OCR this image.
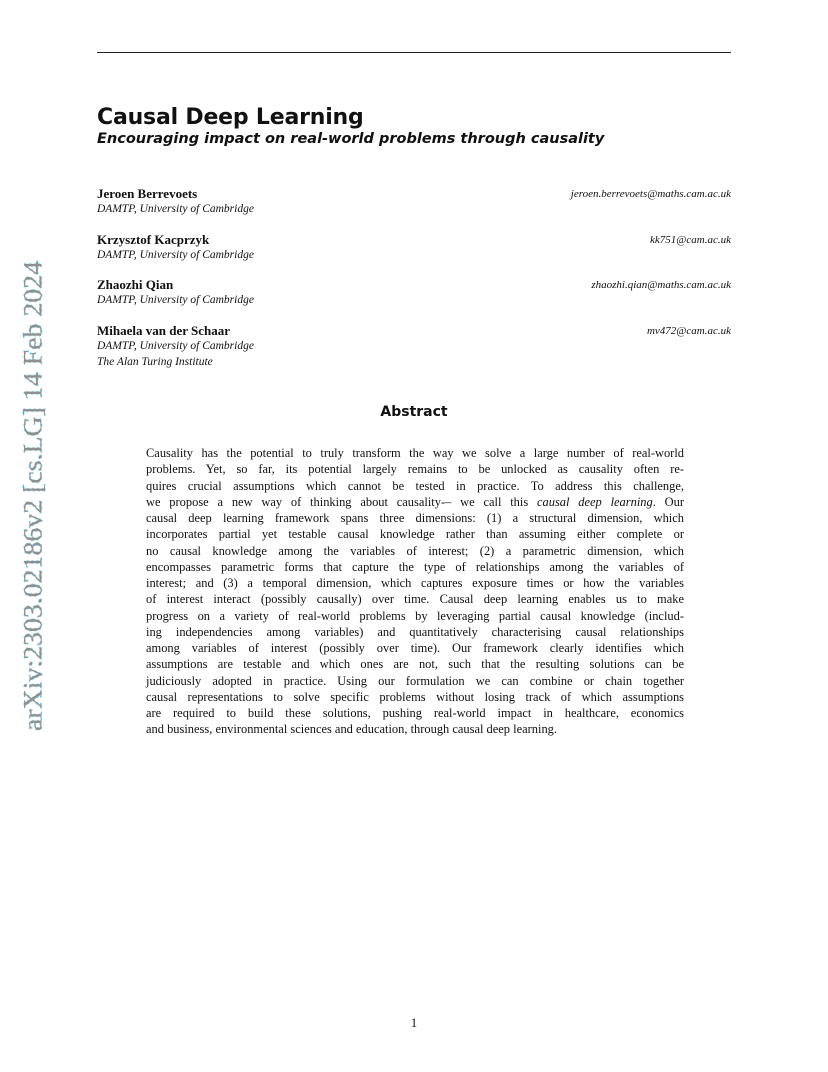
Causal Deep Learning
Encouraging impact on real-world problems through causality
Jeroen Berrevoets	jeroen.berrevoets@maths.cam.ac.uk
DAMTP, University of Cambridge
Krzysztof Kacprzyk	kk751@cam.ac.uk
DAMTP, University of Cambridge
Zhaozhi Qian	zhaozhi.qian@maths.cam.ac.uk
DAMTP, University of Cambridge
Mihaela van der Schaar	mv472@cam.ac.uk
DAMTP, University of Cambridge
The Alan Turing Institute
Abstract
Causality has the potential to truly transform the way we solve a large number of real-world
problems. Yet, so far, its potential largely remains to be unlocked as causality often re-
quires crucial assumptions which cannot be tested in practice. To address this challenge,
we propose a new way of thinking about causality-– we call this causal deep learning. Our
causal deep learning framework spans three dimensions: (1) a structural dimension, which
incorporates partial yet testable causal knowledge rather than assuming either complete or
no causal knowledge among the variables of interest; (2) a parametric dimension, which
encompasses parametric forms that capture the type of relationships among the variables of
interest; and (3) a temporal dimension, which captures exposure times or how the variables
of interest interact (possibly causally) over time. Causal deep learning enables us to make
progress on a variety of real-world problems by leveraging partial causal knowledge (includ-
ing independencies among variables) and quantitatively characterising causal relationships
among variables of interest (possibly over time). Our framework clearly identifies which
assumptions are testable and which ones are not, such that the resulting solutions can be
judiciously adopted in practice. Using our formulation we can combine or chain together
causal representations to solve specific problems without losing track of which assumptions
are required to build these solutions, pushing real-world impact in healthcare, economics
and business, environmental sciences and education, through causal deep learning.
arXiv:2303.02186v2 [cs.LG] 14 Feb 2024
1
